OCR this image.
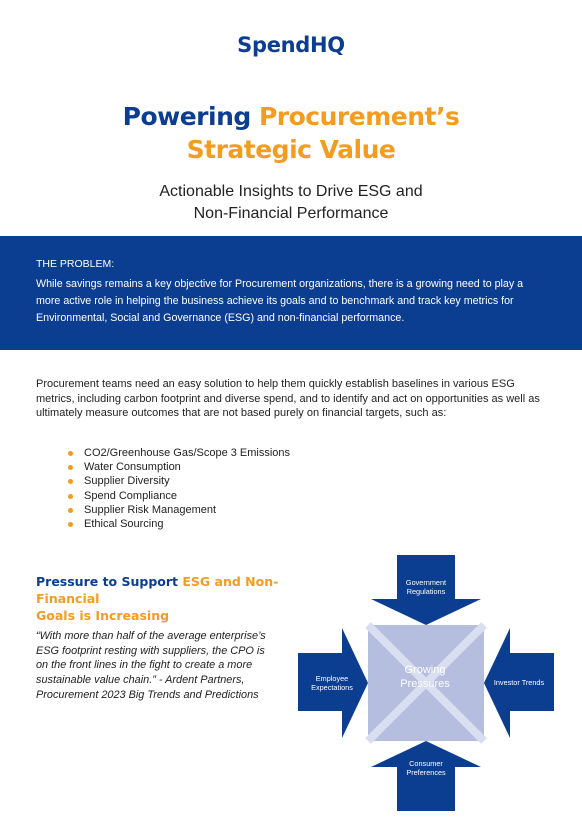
SpendHQ
Powering Procurement’s
Strategic Value
Actionable Insights to Drive ESG and
Non-Financial Performance
THE PROBLEM:
While savings remains a key objective for Procurement organizations, there is a growing need to play a more active role in helping the business achieve its goals and to benchmark and track key metrics for Environmental, Social and Governance (ESG) and non-financial performance.
Procurement teams need an easy solution to help them quickly establish baselines in various ESG metrics, including carbon footprint and diverse spend, and to identify and act on opportunities as well as ultimately measure outcomes that are not based purely on financial targets, such as:
CO2/Greenhouse Gas/Scope 3 Emissions
Water Consumption
Supplier Diversity
Spend Compliance
Supplier Risk Management
Ethical Sourcing
Pressure to Support ESG and Non-Financial
Goals is Increasing
“With more than half of the average enterprise’s ESG footprint resting with suppliers, the CPO is on the front lines in the fight to create a more sustainable value chain.” - Ardent Partners, Procurement 2023 Big Trends and Predictions
Growing
Pressures
Government
Regulations
Employee
Expectations
Investor Trends
Consumer
Preferences
